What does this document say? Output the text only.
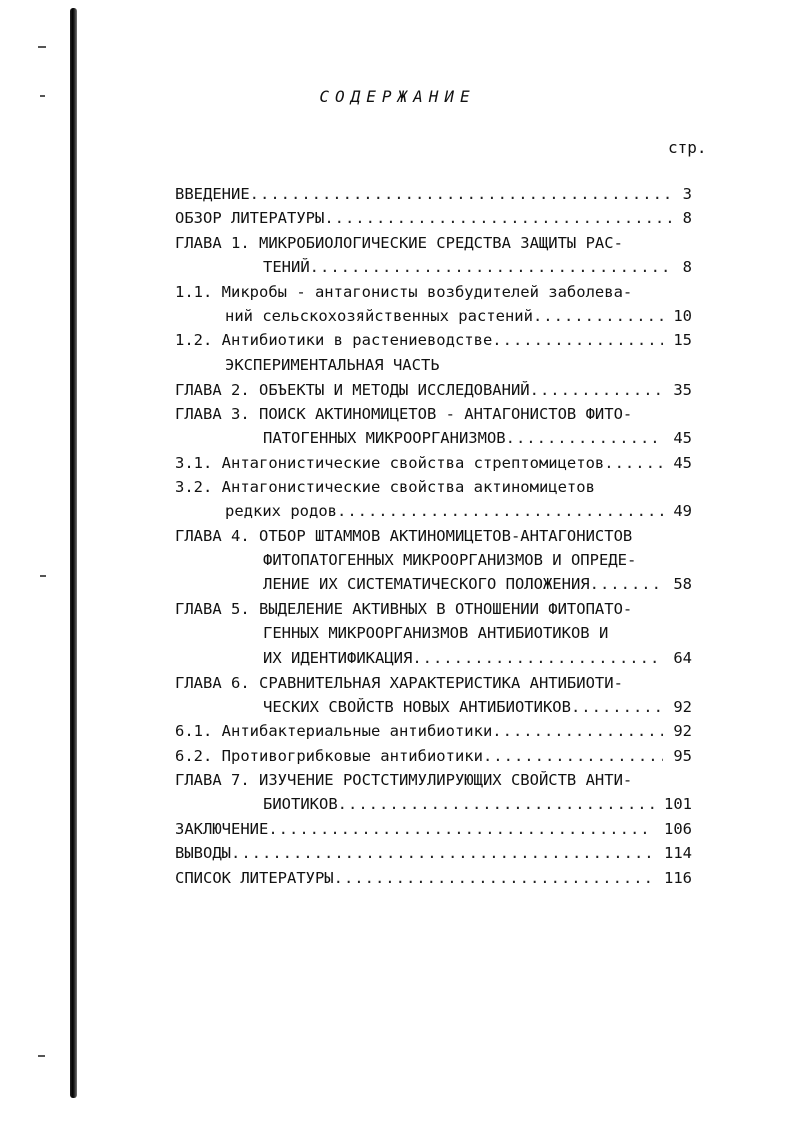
СОДЕРЖАНИЕ
стр.
ВВЕДЕНИЕ .....	3
ОБЗОР ЛИТЕРАТУРЫ .....	8
ГЛАВА 1. МИКРОБИОЛОГИЧЕСКИЕ СРЕДСТВА ЗАЩИТЫ РАС-
ТЕНИЙ .....	8
1.1. Микробы - антагонисты возбудителей заболева-
ний сельскохозяйственных растений .....	10
1.2. Антибиотики в растениеводстве .....	15
ЭКСПЕРИМЕНТАЛЬНАЯ ЧАСТЬ
ГЛАВА 2. ОБЪЕКТЫ И МЕТОДЫ ИССЛЕДОВАНИЙ .....	35
ГЛАВА 3. ПОИСК АКТИНОМИЦЕТОВ - АНТАГОНИСТОВ ФИТО-
ПАТОГЕННЫХ МИКРООРГАНИЗМОВ .....	45
3.1. Антагонистические свойства стрептомицетов .....	45
3.2. Антагонистические свойства актиномицетов
редких родов .....	49
ГЛАВА 4. ОТБОР ШТАММОВ АКТИНОМИЦЕТОВ-АНТАГОНИСТОВ
ФИТОПАТОГЕННЫХ МИКРООРГАНИЗМОВ И ОПРЕДЕ-
ЛЕНИЕ ИХ СИСТЕМАТИЧЕСКОГО ПОЛОЖЕНИЯ .....	58
ГЛАВА 5. ВЫДЕЛЕНИЕ АКТИВНЫХ В ОТНОШЕНИИ ФИТОПАТО-
ГЕННЫХ МИКРООРГАНИЗМОВ АНТИБИОТИКОВ И
ИХ ИДЕНТИФИКАЦИЯ .....	64
ГЛАВА 6. СРАВНИТЕЛЬНАЯ ХАРАКТЕРИСТИКА АНТИБИОТИ-
ЧЕСКИХ СВОЙСТВ НОВЫХ АНТИБИОТИКОВ .....	92
6.1. Антибактериальные антибиотики .....	92
6.2. Противогрибковые антибиотики .....	95
ГЛАВА 7. ИЗУЧЕНИЕ РОСТСТИМУЛИРУЮЩИХ СВОЙСТВ АНТИ-
БИОТИКОВ .....	101
ЗАКЛЮЧЕНИЕ .....	106
ВЫВОДЫ .....	114
СПИСОК ЛИТЕРАТУРЫ .....	116
